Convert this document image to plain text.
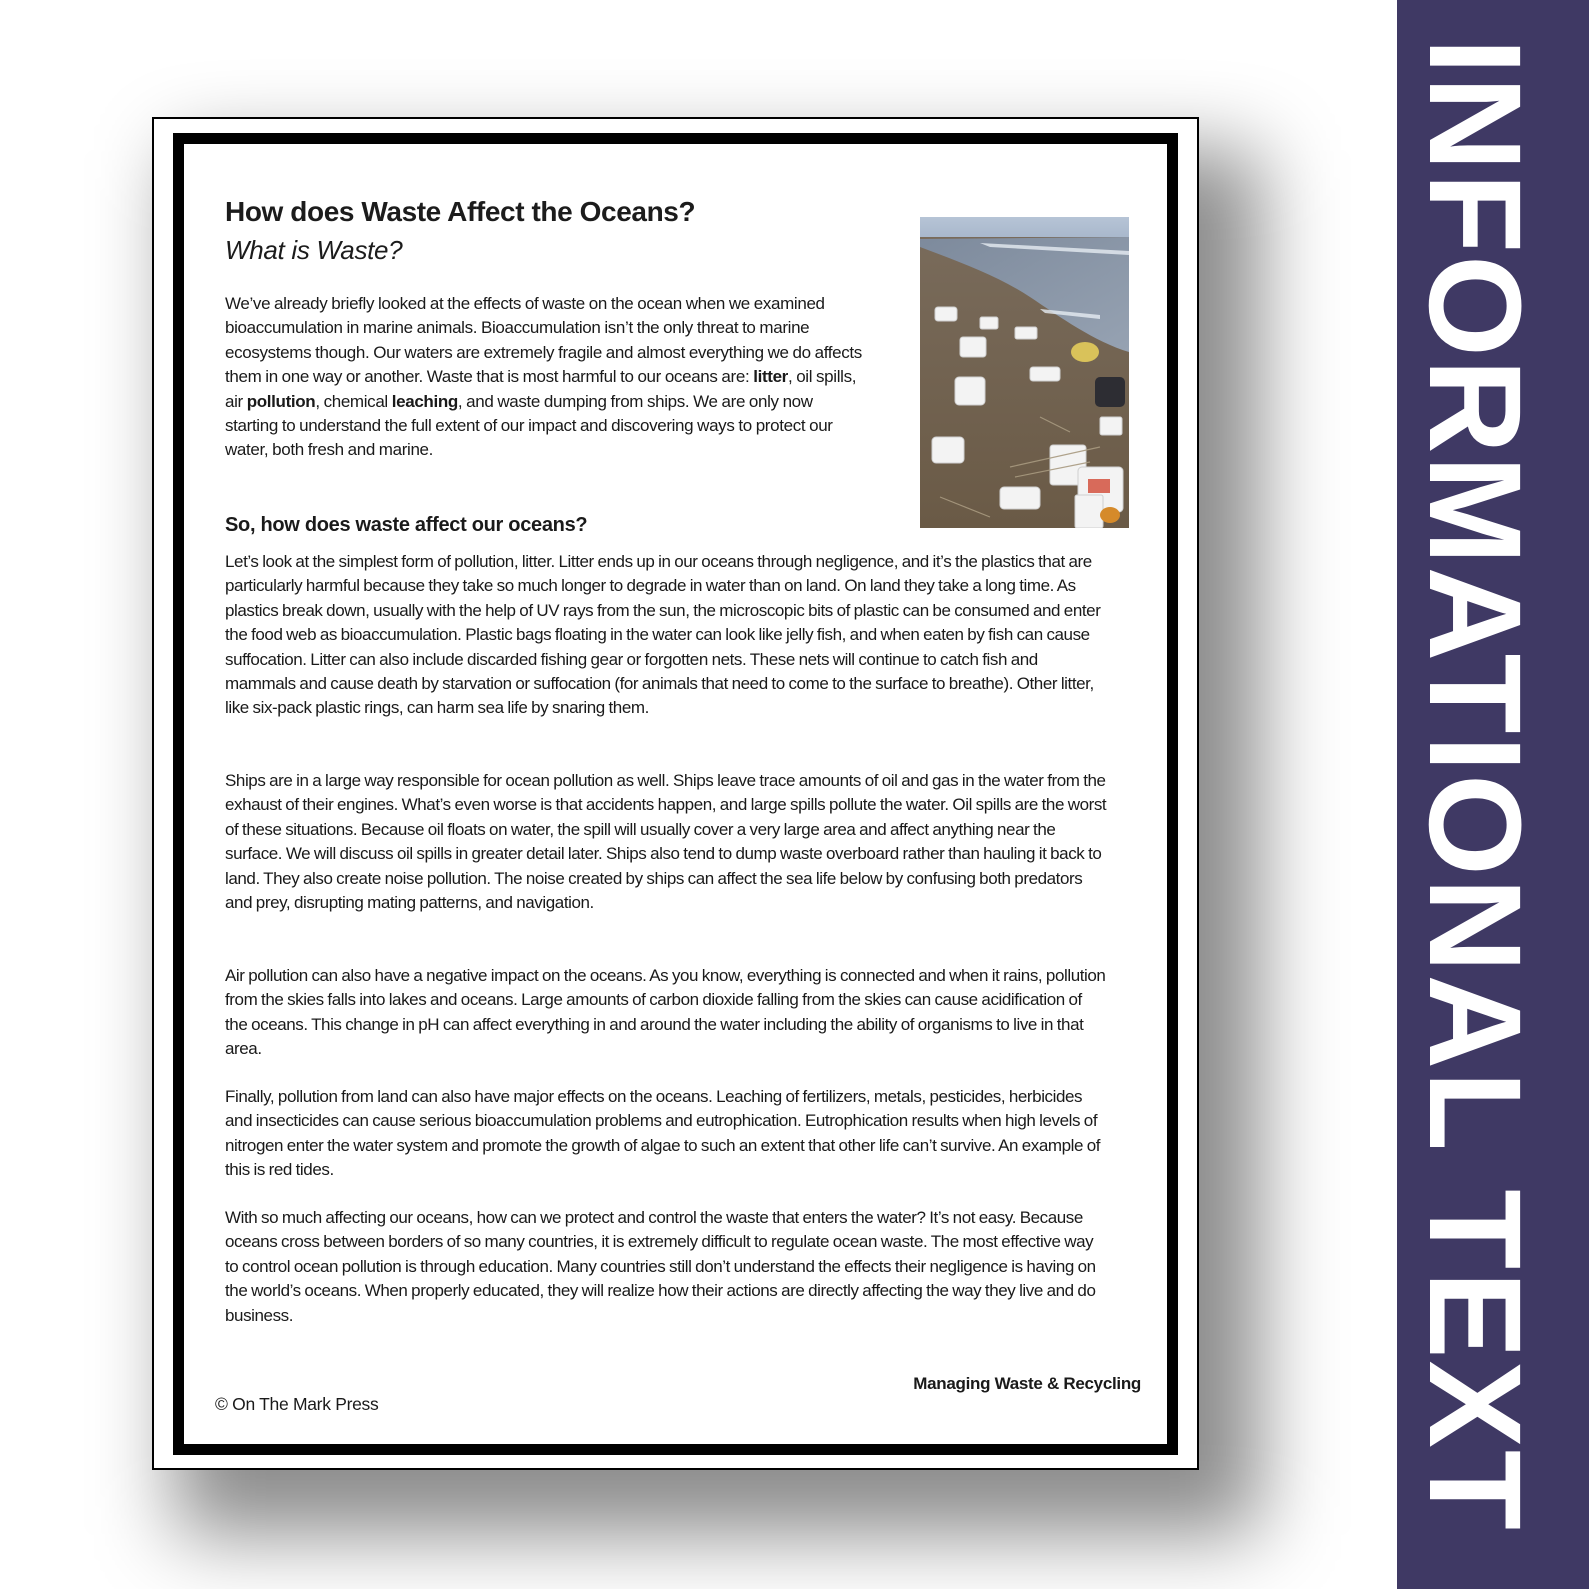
How does Waste Affect the Oceans?
What is Waste?
We’ve already briefly looked at the effects of waste on the ocean when we examined bioaccumulation in marine animals. Bioaccumulation isn’t the only threat to marine ecosystems though. Our waters are extremely fragile and almost everything we do affects them in one way or another. Waste that is most harmful to our oceans are: litter, oil spills, air pollution, chemical leaching, and waste dumping from ships. We are only now starting to understand the full extent of our impact and discovering ways to protect our water, both fresh and marine.
So, how does waste affect our oceans?

Let’s look at the simplest form of pollution, litter. Litter ends up in our oceans through negligence, and it’s the plastics that are particularly harmful because they take so much longer to degrade in water than on land. On land they take a long time. As plastics break down, usually with the help of UV rays from the sun, the microscopic bits of plastic can be consumed and enter the food web as bioaccumulation. Plastic bags floating in the water can look like jelly fish, and when eaten by fish can cause suffocation. Litter can also include discarded fishing gear or forgotten nets. These nets will continue to catch fish and mammals and cause death by starvation or suffocation (for animals that need to come to the surface to breathe). Other litter, like six-pack plastic rings, can harm sea life by snaring them.

Ships are in a large way responsible for ocean pollution as well. Ships leave trace amounts of oil and gas in the water from the exhaust of their engines. What’s even worse is that accidents happen, and large spills pollute the water. Oil spills are the worst of these situations. Because oil floats on water, the spill will usually cover a very large area and affect anything near the surface. We will discuss oil spills in greater detail later. Ships also tend to dump waste overboard rather than hauling it back to land. They also create noise pollution. The noise created by ships can affect the sea life below by confusing both predators and prey, disrupting mating patterns, and navigation.

Air pollution can also have a negative impact on the oceans. As you know, everything is connected and when it rains, pollution from the skies falls into lakes and oceans. Large amounts of carbon dioxide falling from the skies can cause acidification of the oceans. This change in pH can affect everything in and around the water including the ability of organisms to live in that area.

Finally, pollution from land can also have major effects on the oceans. Leaching of fertilizers, metals, pesticides, herbicides and insecticides can cause serious bioaccumulation problems and eutrophication. Eutrophication results when high levels of nitrogen enter the water system and promote the growth of algae to such an extent that other life can’t survive. An example of this is red tides.

With so much affecting our oceans, how can we protect and control the waste that enters the water? It’s not easy. Because oceans cross between borders of so many countries, it is extremely difficult to regulate ocean waste. The most effective way to control ocean pollution is through education. Many countries still don’t understand the effects their negligence is having on the world’s oceans. When properly educated, they will realize how their actions are directly affecting the way they live and do business.

Managing Waste & Recycling
© On The Mark Press	INFORMATIONAL TEXT
